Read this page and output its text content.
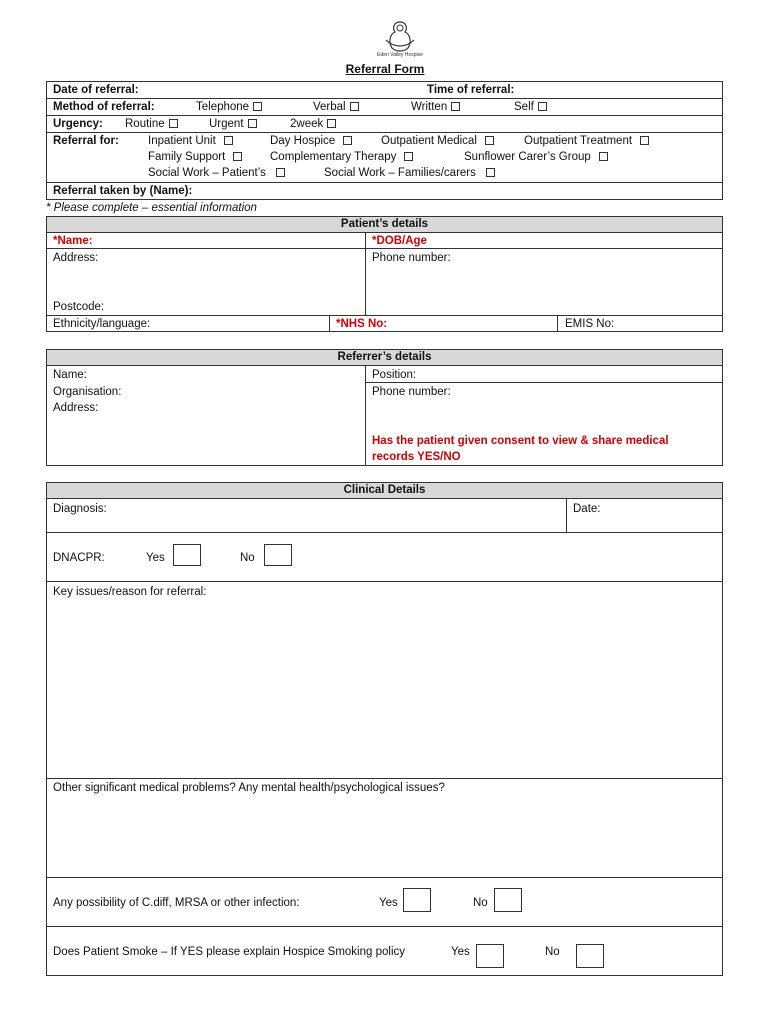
Eden Valley Hospice
Referral Form
Date of referral:	Time of referral:
Method of referral:	Telephone	Verbal	Written	Self
Urgency: Routine	Urgent	2week
Referral for:	Inpatient Unit	Day Hospice	Outpatient Medical	Outpatient Treatment
Family Support	Complementary Therapy	Sunflower Carer’s Group
Social Work – Patient’s	Social Work – Families/carers
Referral taken by (Name):
* Please complete – essential information
Patient’s details
*Name:	*DOB/Age
Address:	Phone number:
Postcode:
Ethnicity/language:	*NHS No:	EMIS No:
Referrer’s details
Name:	Position:
Organisation:	Phone number:
Address:
Has the patient given consent to view & share medical
records YES/NO
Clinical Details
Diagnosis:	Date:
DNACPR:	Yes	No
Key issues/reason for referral:
Other significant medical problems? Any mental health/psychological issues?
Any possibility of C.diff, MRSA or other infection:	Yes	No
Does Patient Smoke – If YES please explain Hospice Smoking policy	Yes	No
